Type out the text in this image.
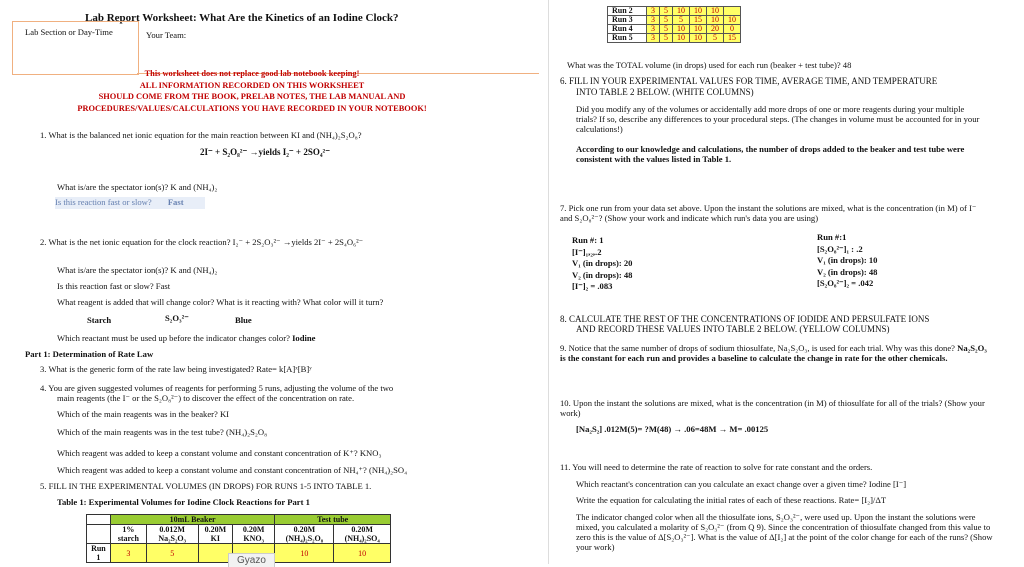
Lab Report Worksheet: What Are the Kinetics of an Iodine Clock?
Lab Section or Day-Time	Your Team:
This worksheet does not replace good lab notebook keeping!
ALL INFORMATION RECORDED ON THIS WORKSHEET
SHOULD COME FROM THE BOOK, PRELAB NOTES, THE LAB MANUAL AND
PROCEDURES/VALUES/CALCULATIONS YOU HAVE RECORDED IN YOUR NOTEBOOK!
1. What is the balanced net ionic equation for the main reaction between KI and (NH₄)₂S₂O₈?
2I⁻ + S₂O₈²⁻ →yields I₂⁻ + 2SO₄²⁻
What is/are the spectator ion(s)? K and (NH₄)₂
Is this reaction fast or slow? Fast
2. What is the net ionic equation for the clock reaction? I₂⁻ + 2S₂O₃²⁻ →yields 2I⁻ + 2S₄O₆²⁻
What is/are the spectator ion(s)? K and (NH₄)₂
Is this reaction fast or slow? Fast
What reagent is added that will change color? What is it reacting with? What color will it turn?
Starch	S₂O₃²⁻	Blue
Which reactant must be used up before the indicator changes color? Iodine
Part 1: Determination of Rate Law
3. What is the generic form of the rate law being investigated? Rate= k[A]ˣ[B]ʸ
4. You are given suggested volumes of reagents for performing 5 runs, adjusting the volume of the two
main reagents (the I⁻ or the S₂O₈²⁻) to discover the effect of the concentration on rate.
Which of the main reagents was in the beaker? KI
Which of the main reagents was in the test tube? (NH₄)₂S₂O₈
Which reagent was added to keep a constant volume and constant concentration of K⁺? KNO₃
Which reagent was added to keep a constant volume and constant concentration of NH₄⁺? (NH₄)₂SO₄
5. FILL IN THE EXPERIMENTAL VOLUMES (IN DROPS) FOR RUNS 1-5 INTO TABLE 1.
Table 1: Experimental Volumes for Iodine Clock Reactions for Part 1
	10mL Beaker				Test tube	
	1% starch	0.012M Na₂S₂O₃	0.20M KI	0.20M KNO₃	0.20M (NH₄)₂S₂O₈	0.20M (NH₄)₂SO₄
Run 1	3	5			10	10
Gyazo
Run 2	3	5	10	10	10	
Run 3	3	5	5	15	10	10
Run 4	3	5	10	10	20	0
Run 5	3	5	10	10	5	15
What was the TOTAL volume (in drops) used for each run (beaker + test tube)? 48
6. FILL IN YOUR EXPERIMENTAL VALUES FOR TIME, AVERAGE TIME, AND TEMPERATURE
INTO TABLE 2 BELOW. (WHITE COLUMNS)
Did you modify any of the volumes or accidentally add more drops of one or more reagents during your multiple trials? If so, describe any differences to your procedural steps. (The changes in volume must be accounted for in your calculations!)
According to our knowledge and calculations, the number of drops added to the beaker and test tube were consistent with the values listed in Table 1.
7. Pick one run from your data set above. Upon the instant the solutions are mixed, what is the concentration (in M) of I⁻ and S₂O₈²⁻? (Show your work and indicate which run's data you are using)
Run #: 1
[I⁻]₁,₂,.2
V₁ (in drops): 20
V₂ (in drops): 48
[I⁻]₂ = .083
Run #:1
[S₂O₈²⁻]₁ : .2
V₁ (in drops): 10
V₂ (in drops): 48
[S₂O₈²⁻]₂ = .042
8. CALCULATE THE REST OF THE CONCENTRATIONS OF IODIDE AND PERSULFATE IONS
AND RECORD THESE VALUES INTO TABLE 2 BELOW. (YELLOW COLUMNS)
9. Notice that the same number of drops of sodium thiosulfate, Na₂S₂O₃, is used for each trial. Why was this done? Na₂S₂O₃ is the constant for each run and provides a baseline to calculate the change in rate for the other chemicals.
10. Upon the instant the solutions are mixed, what is the concentration (in M) of thiosulfate for all of the trials? (Show your work)
[Na₂S₂] .012M(5)= ?M(48) → .06=48M → M= .00125
11. You will need to determine the rate of reaction to solve for rate constant and the orders.
Which reactant's concentration can you calculate an exact change over a given time? Iodine [I⁻]
Write the equation for calculating the initial rates of each of these reactions. Rate= [I₂]/ΔT
The indicator changed color when all the thiosulfate ions, S₂O₃²⁻, were used up. Upon the instant the solutions were mixed, you calculated a molarity of S₂O₃²⁻ (from Q 9). Since the concentration of thiosulfate changed from this value to zero this is the value of Δ[S₂O₃²⁻]. What is the value of Δ[I₂] at the point of the color change for each of the runs? (Show your work)
